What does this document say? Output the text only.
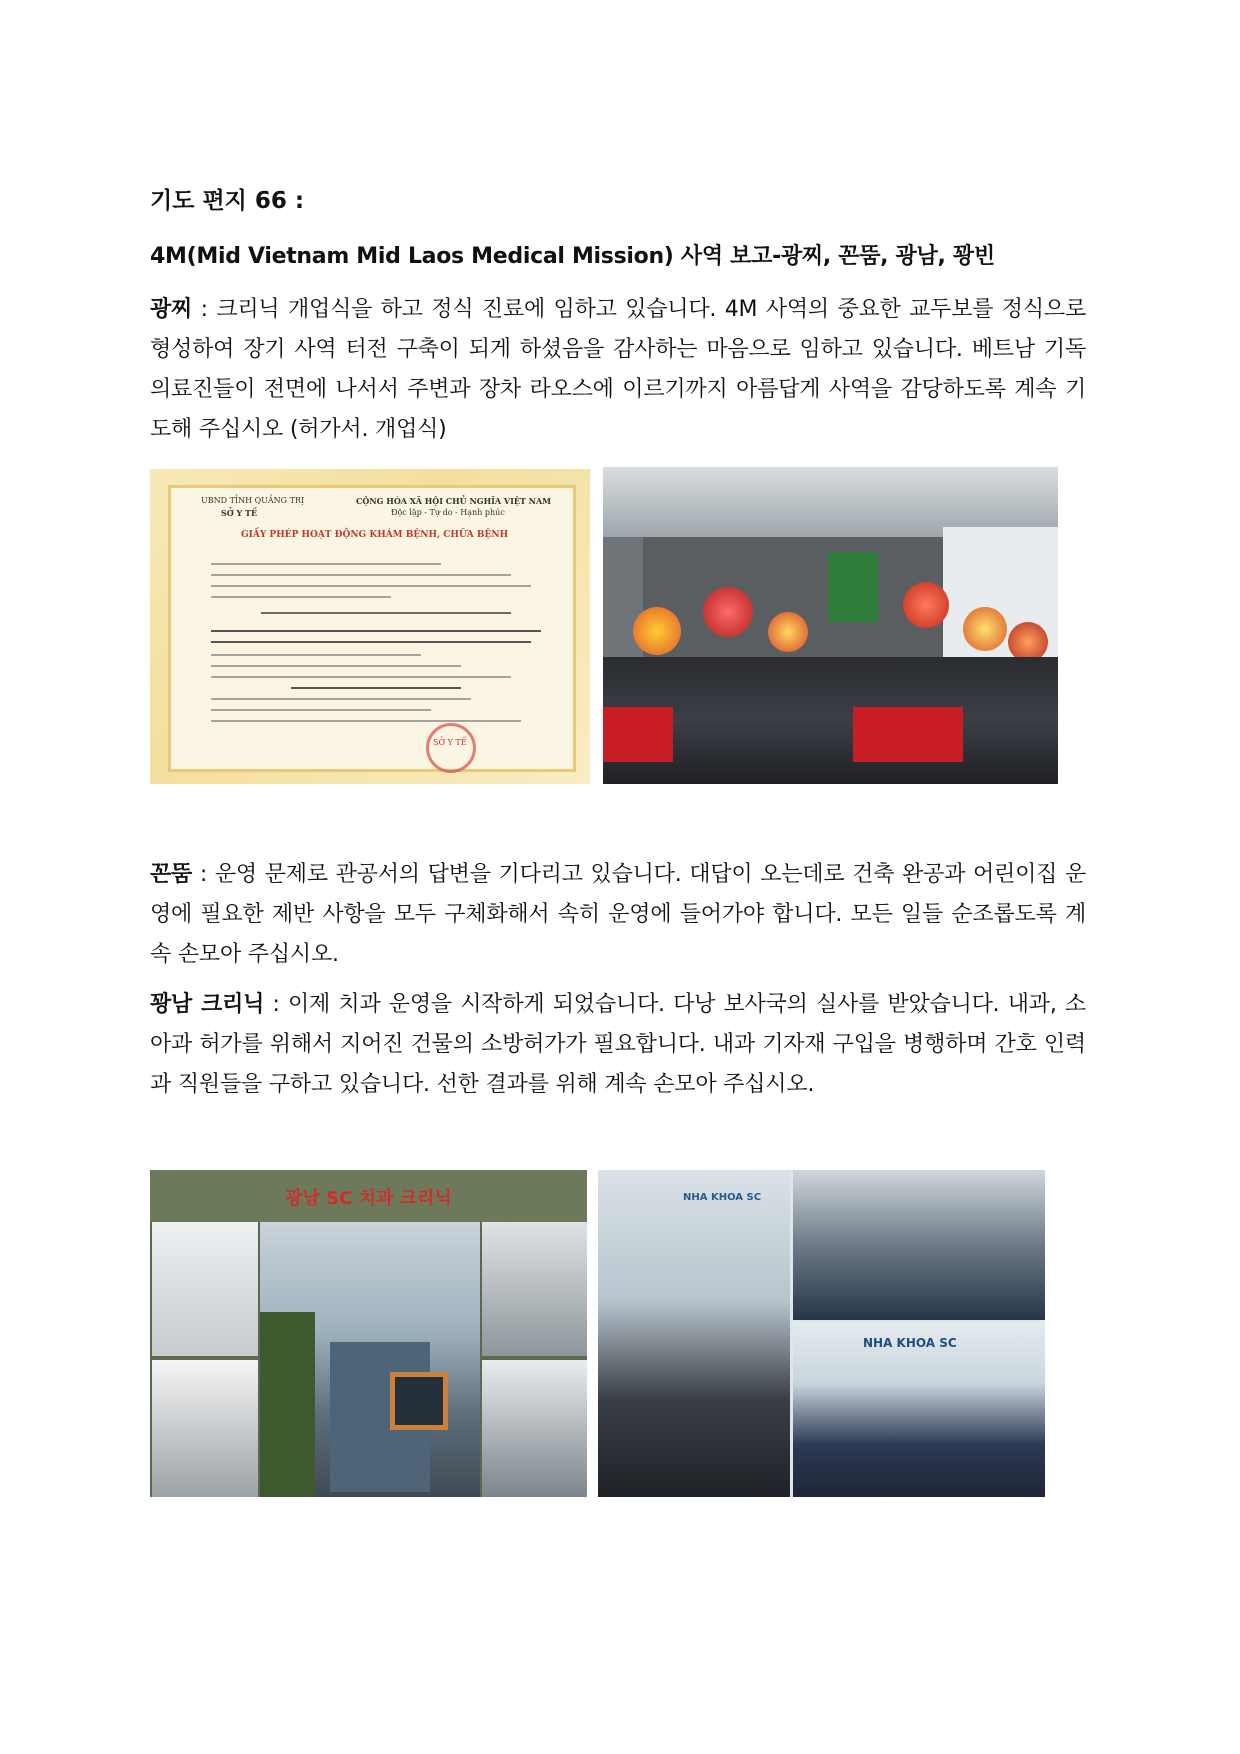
기도 편지 66 :
4M(Mid Vietnam Mid Laos Medical Mission) 사역 보고-광찌, 꼰뚬, 광남, 꽝빈
광찌 : 크리닉 개업식을 하고 정식 진료에 임하고 있습니다. 4M 사역의 중요한 교두보를 정식으로 형성하여 장기 사역 터전 구축이 되게 하셨음을 감사하는 마음으로 임하고 있습니다. 베트남 기독 의료진들이 전면에 나서서 주변과 장차 라오스에 이르기까지 아름답게 사역을 감당하도록 계속 기도해 주십시오 (허가서. 개업식)
UBND TỈNH QUẢNG TRỊ
SỞ Y TẾ
CỘNG HÒA XÃ HỘI CHỦ NGHĨA VIỆT NAM
Độc lập - Tự do - Hạnh phúc
GIẤY PHÉP HOẠT ĐỘNG KHÁM BỆNH, CHỮA BỆNH
SỞ Y TẾ
꼰뚬 : 운영 문제로 관공서의 답변을 기다리고 있습니다. 대답이 오는데로 건축 완공과 어린이집 운영에 필요한 제반 사항을 모두 구체화해서 속히 운영에 들어가야 합니다. 모든 일들 순조롭도록 계속 손모아 주십시오.
꽝남 크리닉 : 이제 치과 운영을 시작하게 되었습니다. 다낭 보사국의 실사를 받았습니다. 내과, 소아과 허가를 위해서 지어진 건물의 소방허가가 필요합니다. 내과 기자재 구입을 병행하며 간호 인력과 직원들을 구하고 있습니다. 선한 결과를 위해 계속 손모아 주십시오.
광남 SC 치과 크리닉	NHA KHOA SC
NHA KHOA SC
